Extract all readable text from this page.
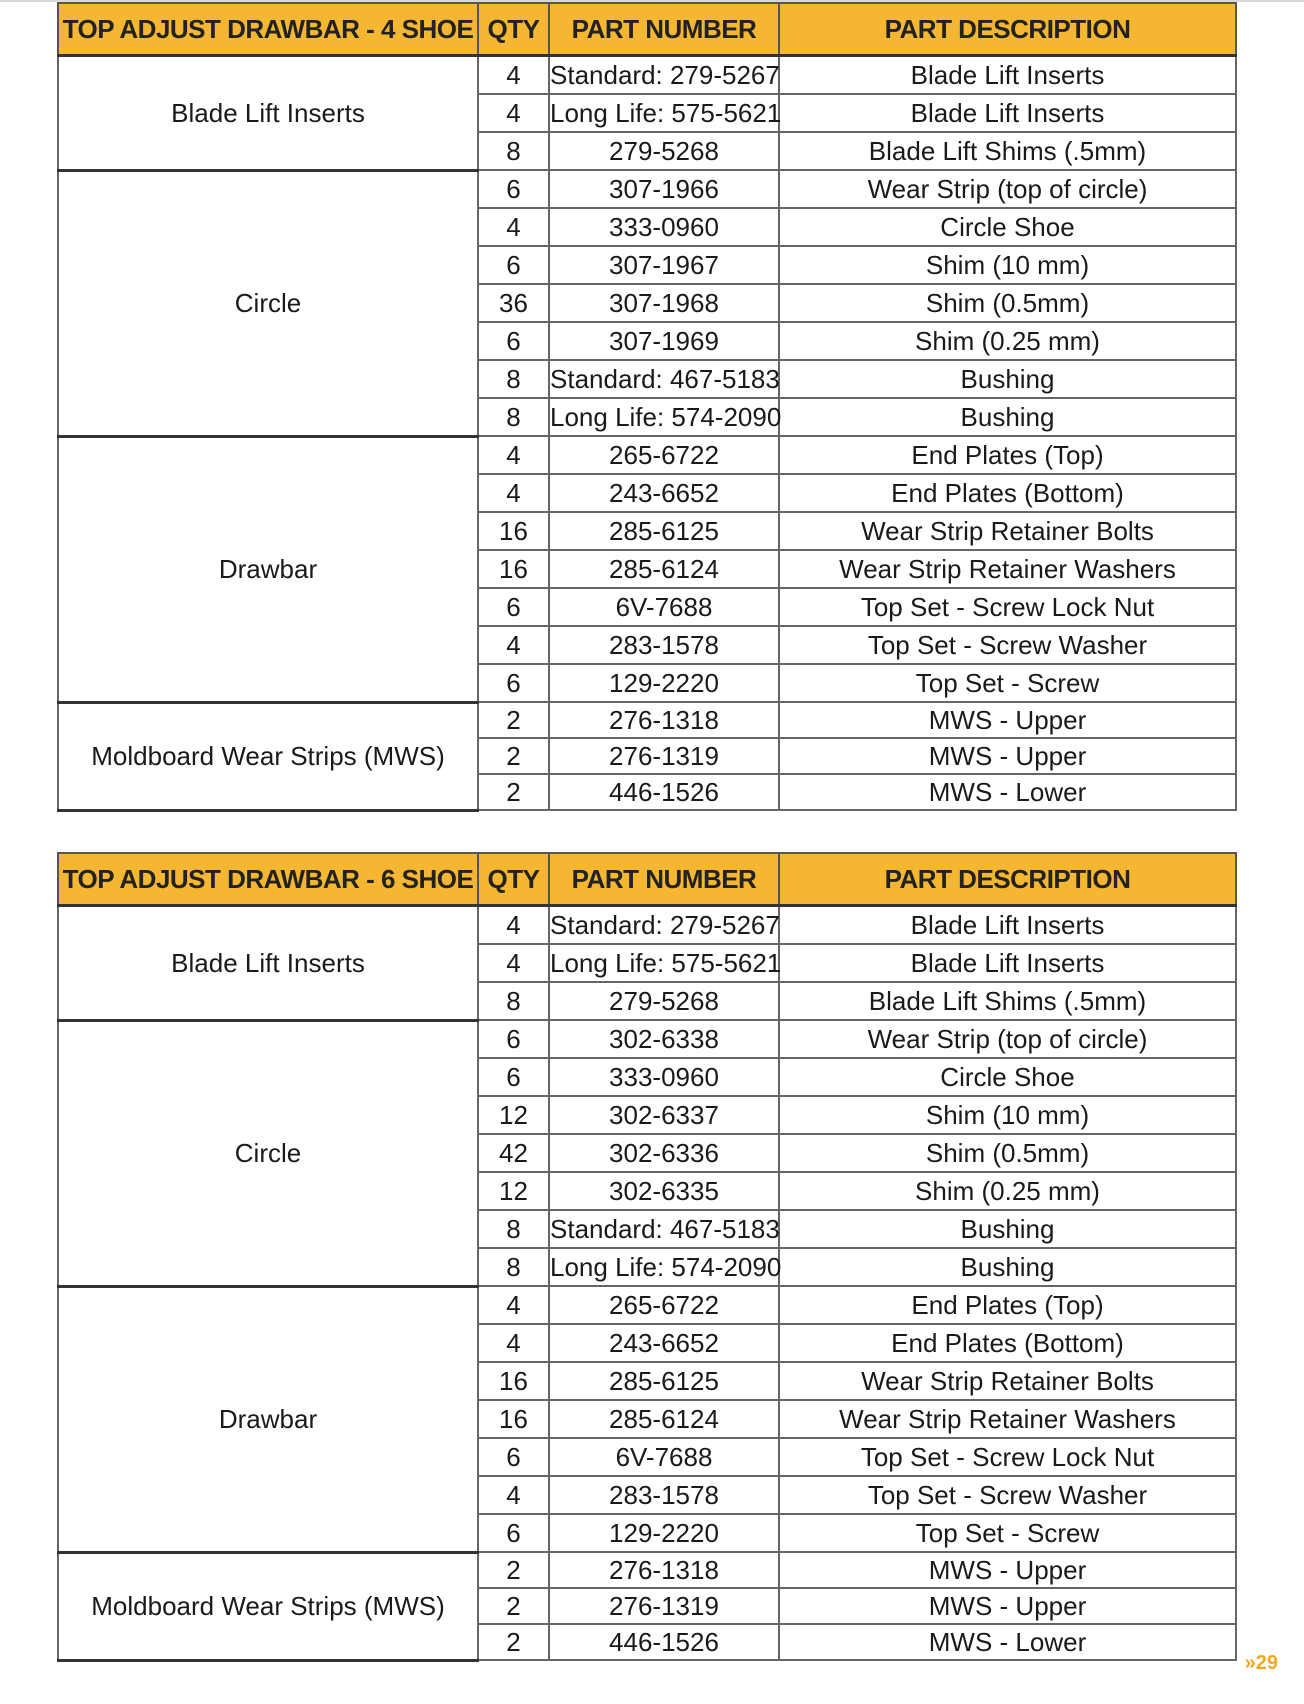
TOP ADJUST DRAWBAR - 4 SHOE	QTY	PART NUMBER	PART DESCRIPTION
Blade Lift Inserts	4	Standard: 279-5267	Blade Lift Inserts
	4	Long Life: 575-5621	Blade Lift Inserts
	8	279-5268	Blade Lift Shims (.5mm)
Circle	6	307-1966	Wear Strip (top of circle)
	4	333-0960	Circle Shoe
	6	307-1967	Shim (10 mm)
	36	307-1968	Shim (0.5mm)
	6	307-1969	Shim (0.25 mm)
	8	Standard: 467-5183	Bushing
	8	Long Life: 574-2090	Bushing
Drawbar	4	265-6722	End Plates (Top)
	4	243-6652	End Plates (Bottom)
	16	285-6125	Wear Strip Retainer Bolts
	16	285-6124	Wear Strip Retainer Washers
	6	6V-7688	Top Set - Screw Lock Nut
	4	283-1578	Top Set - Screw Washer
	6	129-2220	Top Set - Screw
Moldboard Wear Strips (MWS)	2	276-1318	MWS - Upper
	2	276-1319	MWS - Upper
	2	446-1526	MWS - Lower
TOP ADJUST DRAWBAR - 6 SHOE	QTY	PART NUMBER	PART DESCRIPTION
Blade Lift Inserts	4	Standard: 279-5267	Blade Lift Inserts
	4	Long Life: 575-5621	Blade Lift Inserts
	8	279-5268	Blade Lift Shims (.5mm)
Circle	6	302-6338	Wear Strip (top of circle)
	6	333-0960	Circle Shoe
	12	302-6337	Shim (10 mm)
	42	302-6336	Shim (0.5mm)
	12	302-6335	Shim (0.25 mm)
	8	Standard: 467-5183	Bushing
	8	Long Life: 574-2090	Bushing
Drawbar	4	265-6722	End Plates (Top)
	4	243-6652	End Plates (Bottom)
	16	285-6125	Wear Strip Retainer Bolts
	16	285-6124	Wear Strip Retainer Washers
	6	6V-7688	Top Set - Screw Lock Nut
	4	283-1578	Top Set - Screw Washer
	6	129-2220	Top Set - Screw
Moldboard Wear Strips (MWS)	2	276-1318	MWS - Upper
	2	276-1319	MWS - Upper
	2	446-1526	MWS - Lower
»29
